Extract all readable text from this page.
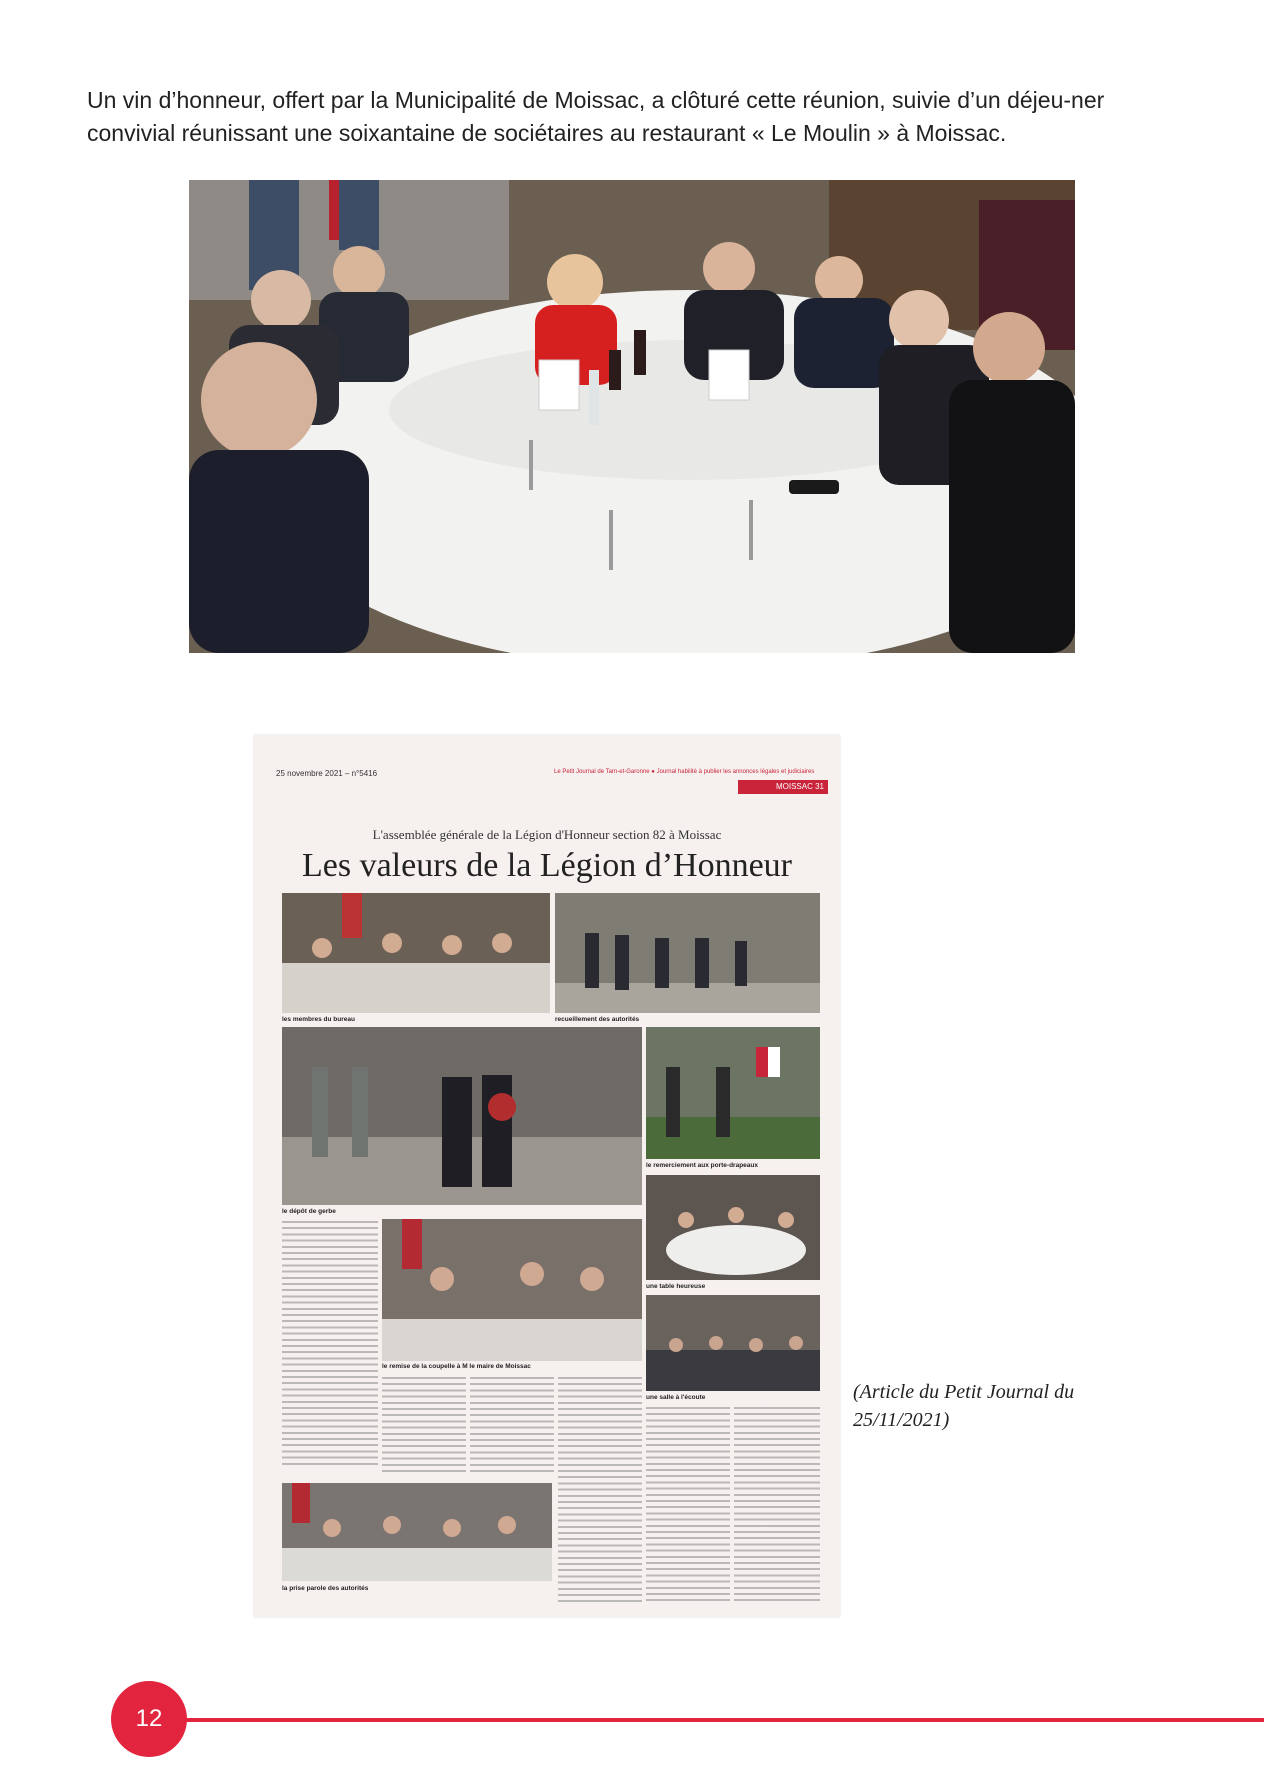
Un vin d’honneur, offert par la Municipalité de Moissac, a clôturé cette réunion, suivie d’un déjeu-ner convivial réunissant une soixantaine de sociétaires au restaurant « Le Moulin » à Moissac.

25 novembre 2021 – n°5416	Le Petit Journal de Tarn-et-Garonne ● Journal habilité à publier les annonces légales et judiciaires
MOISSAC 31
L'assemblée générale de la Légion d'Honneur section 82 à Moissac
Les valeurs de la Légion d’Honneur
les membres du bureau	recueillement des autorités
le remerciement aux porte-drapeaux
le dépôt de gerbe
le remise de la coupelle à M le maire de Moissac
une table heureuse
une salle à l'écoute
la prise parole des autorités

(Article du Petit Journal du 25/11/2021)

12
